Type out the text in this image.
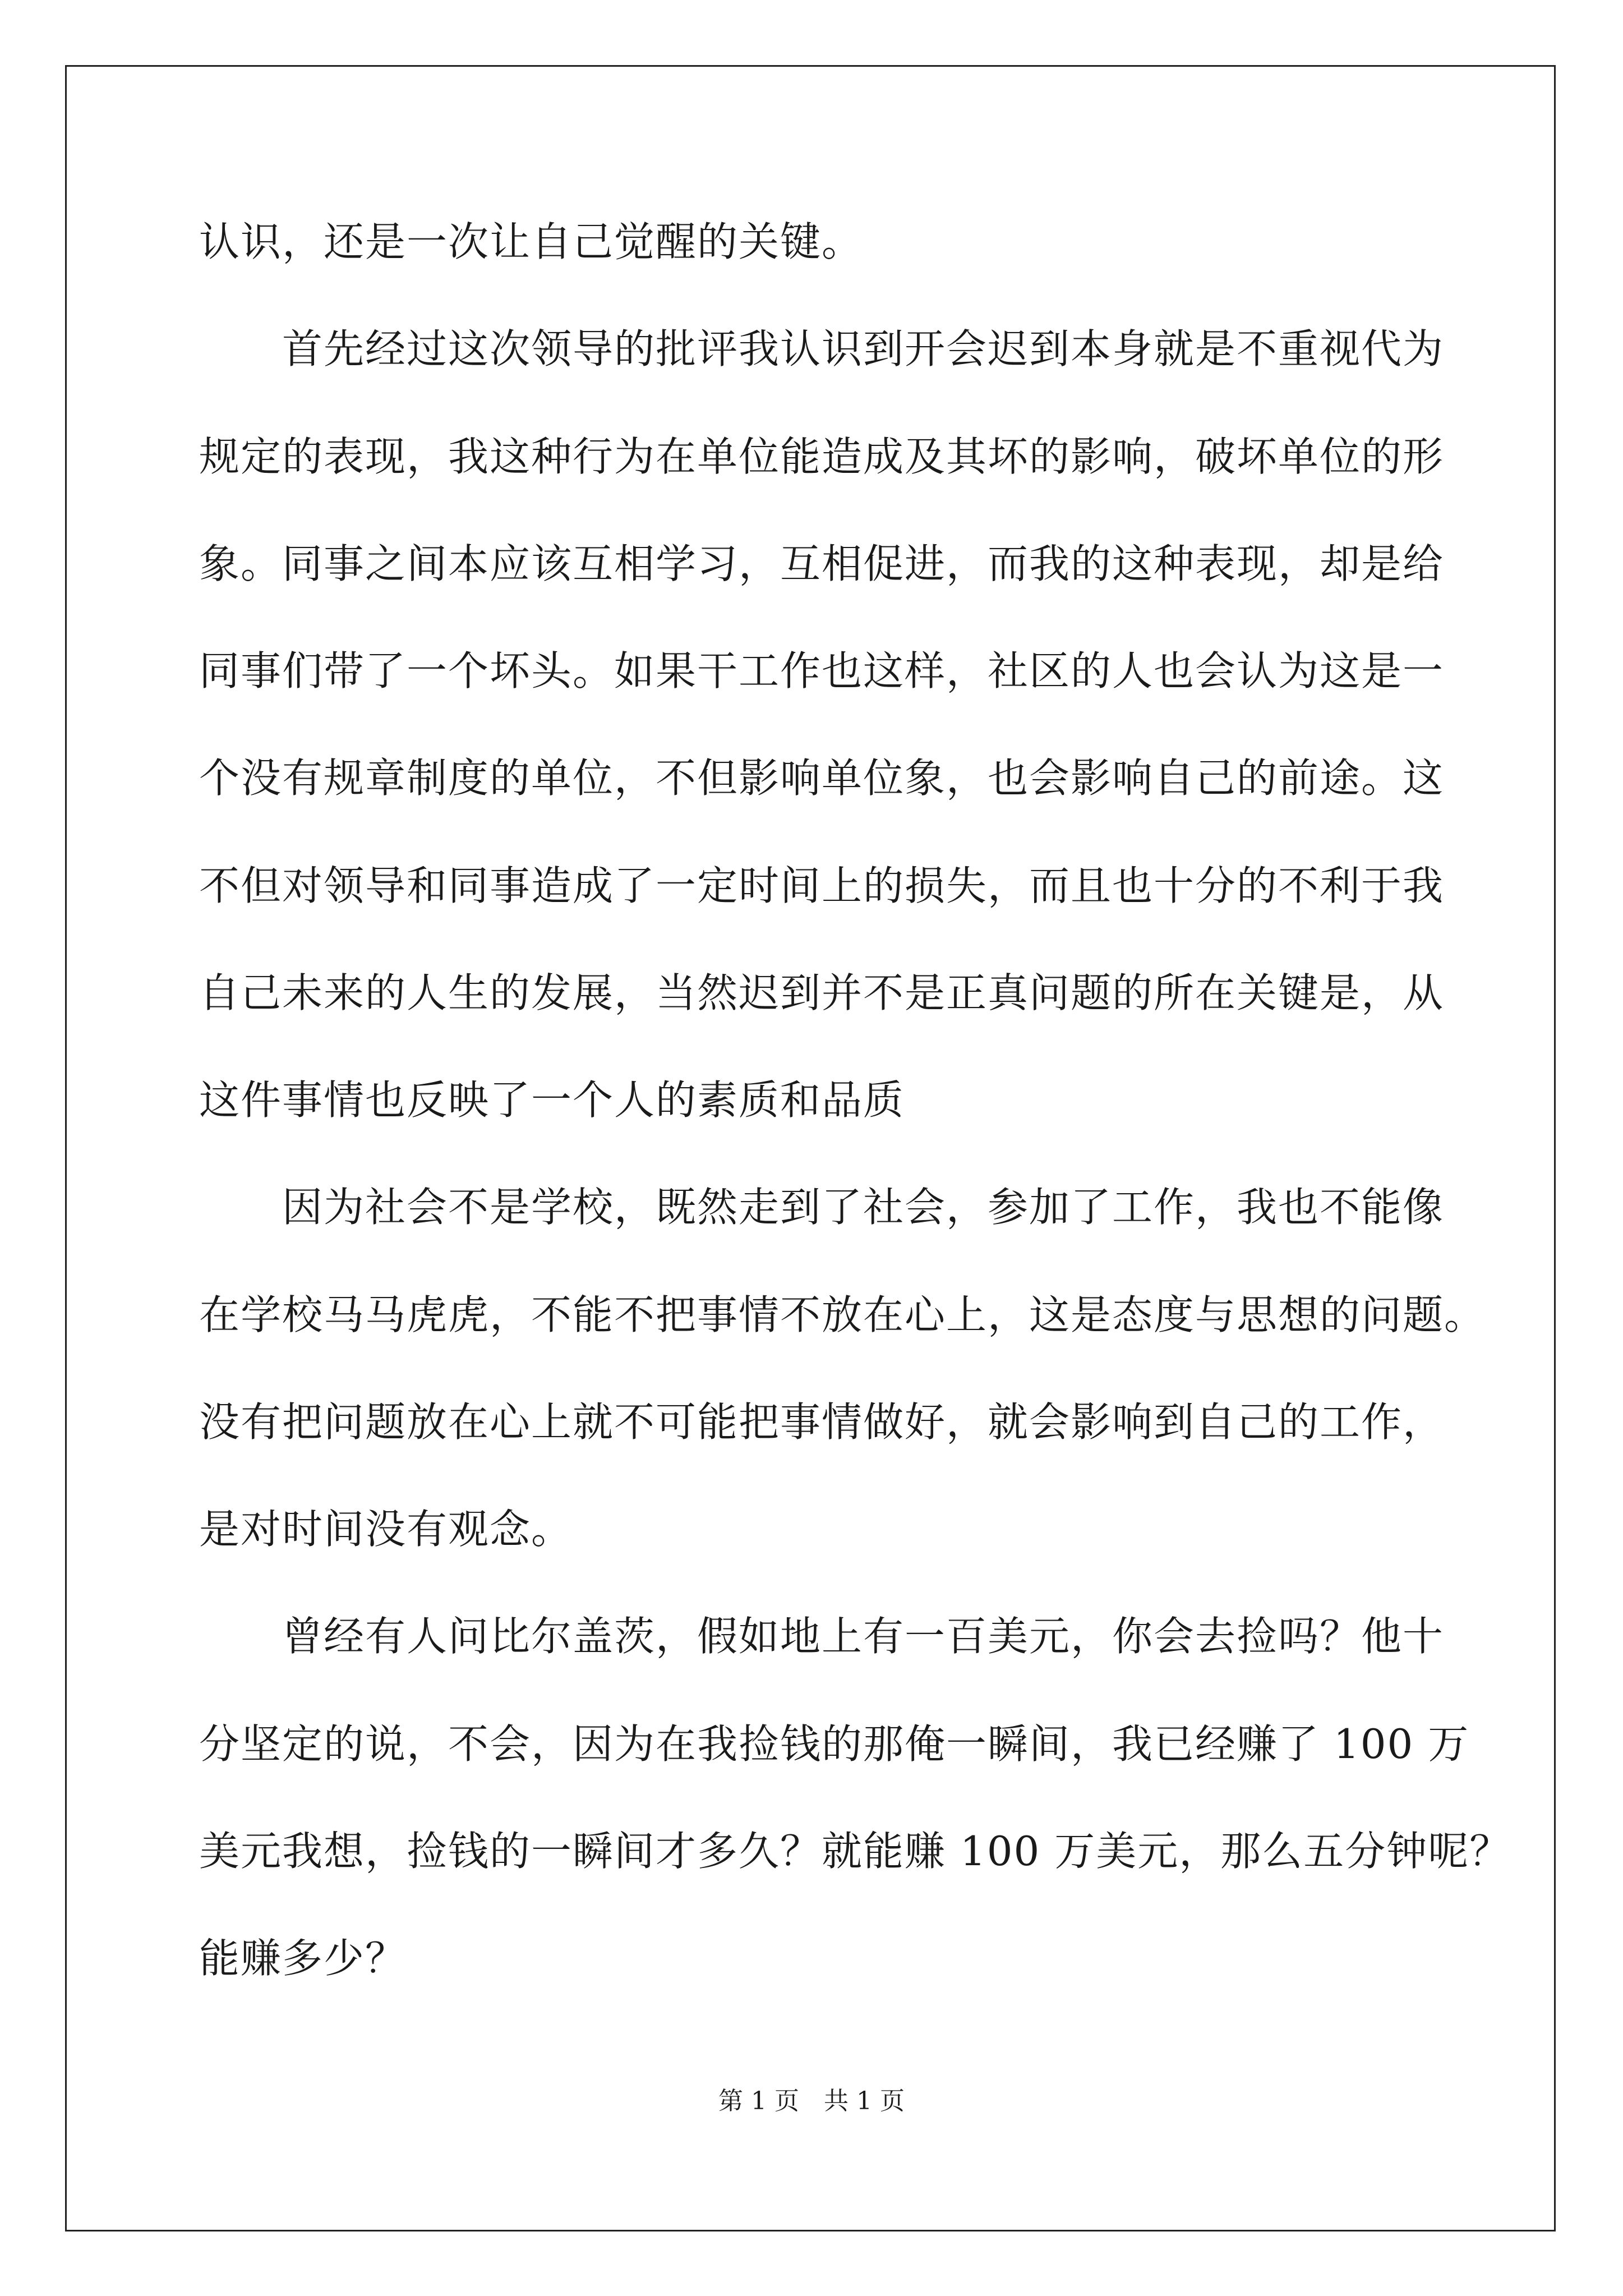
认识，还是一次让自己觉醒的关键。
　　首先经过这次领导的批评我认识到开会迟到本身就是不重视代为
规定的表现，我这种行为在单位能造成及其坏的影响，破坏单位的形
象。同事之间本应该互相学习，互相促进，而我的这种表现，却是给
同事们带了一个坏头。如果干工作也这样，社区的人也会认为这是一
个没有规章制度的单位，不但影响单位象，也会影响自己的前途。这
不但对领导和同事造成了一定时间上的损失，而且也十分的不利于我
自己未来的人生的发展，当然迟到并不是正真问题的所在关键是，从
这件事情也反映了一个人的素质和品质
　　因为社会不是学校，既然走到了社会，参加了工作，我也不能像
在学校马马虎虎，不能不把事情不放在心上，这是态度与思想的问题。
没有把问题放在心上就不可能把事情做好，就会影响到自己的工作，
是对时间没有观念。
　　曾经有人问比尔盖茨，假如地上有一百美元，你会去捡吗？他十
分坚定的说，不会，因为在我捡钱的那俺一瞬间，我已经赚了 100 万
美元我想，捡钱的一瞬间才多久？就能赚 100 万美元，那么五分钟呢？
第 1 页　共 1 页
能赚多少？
